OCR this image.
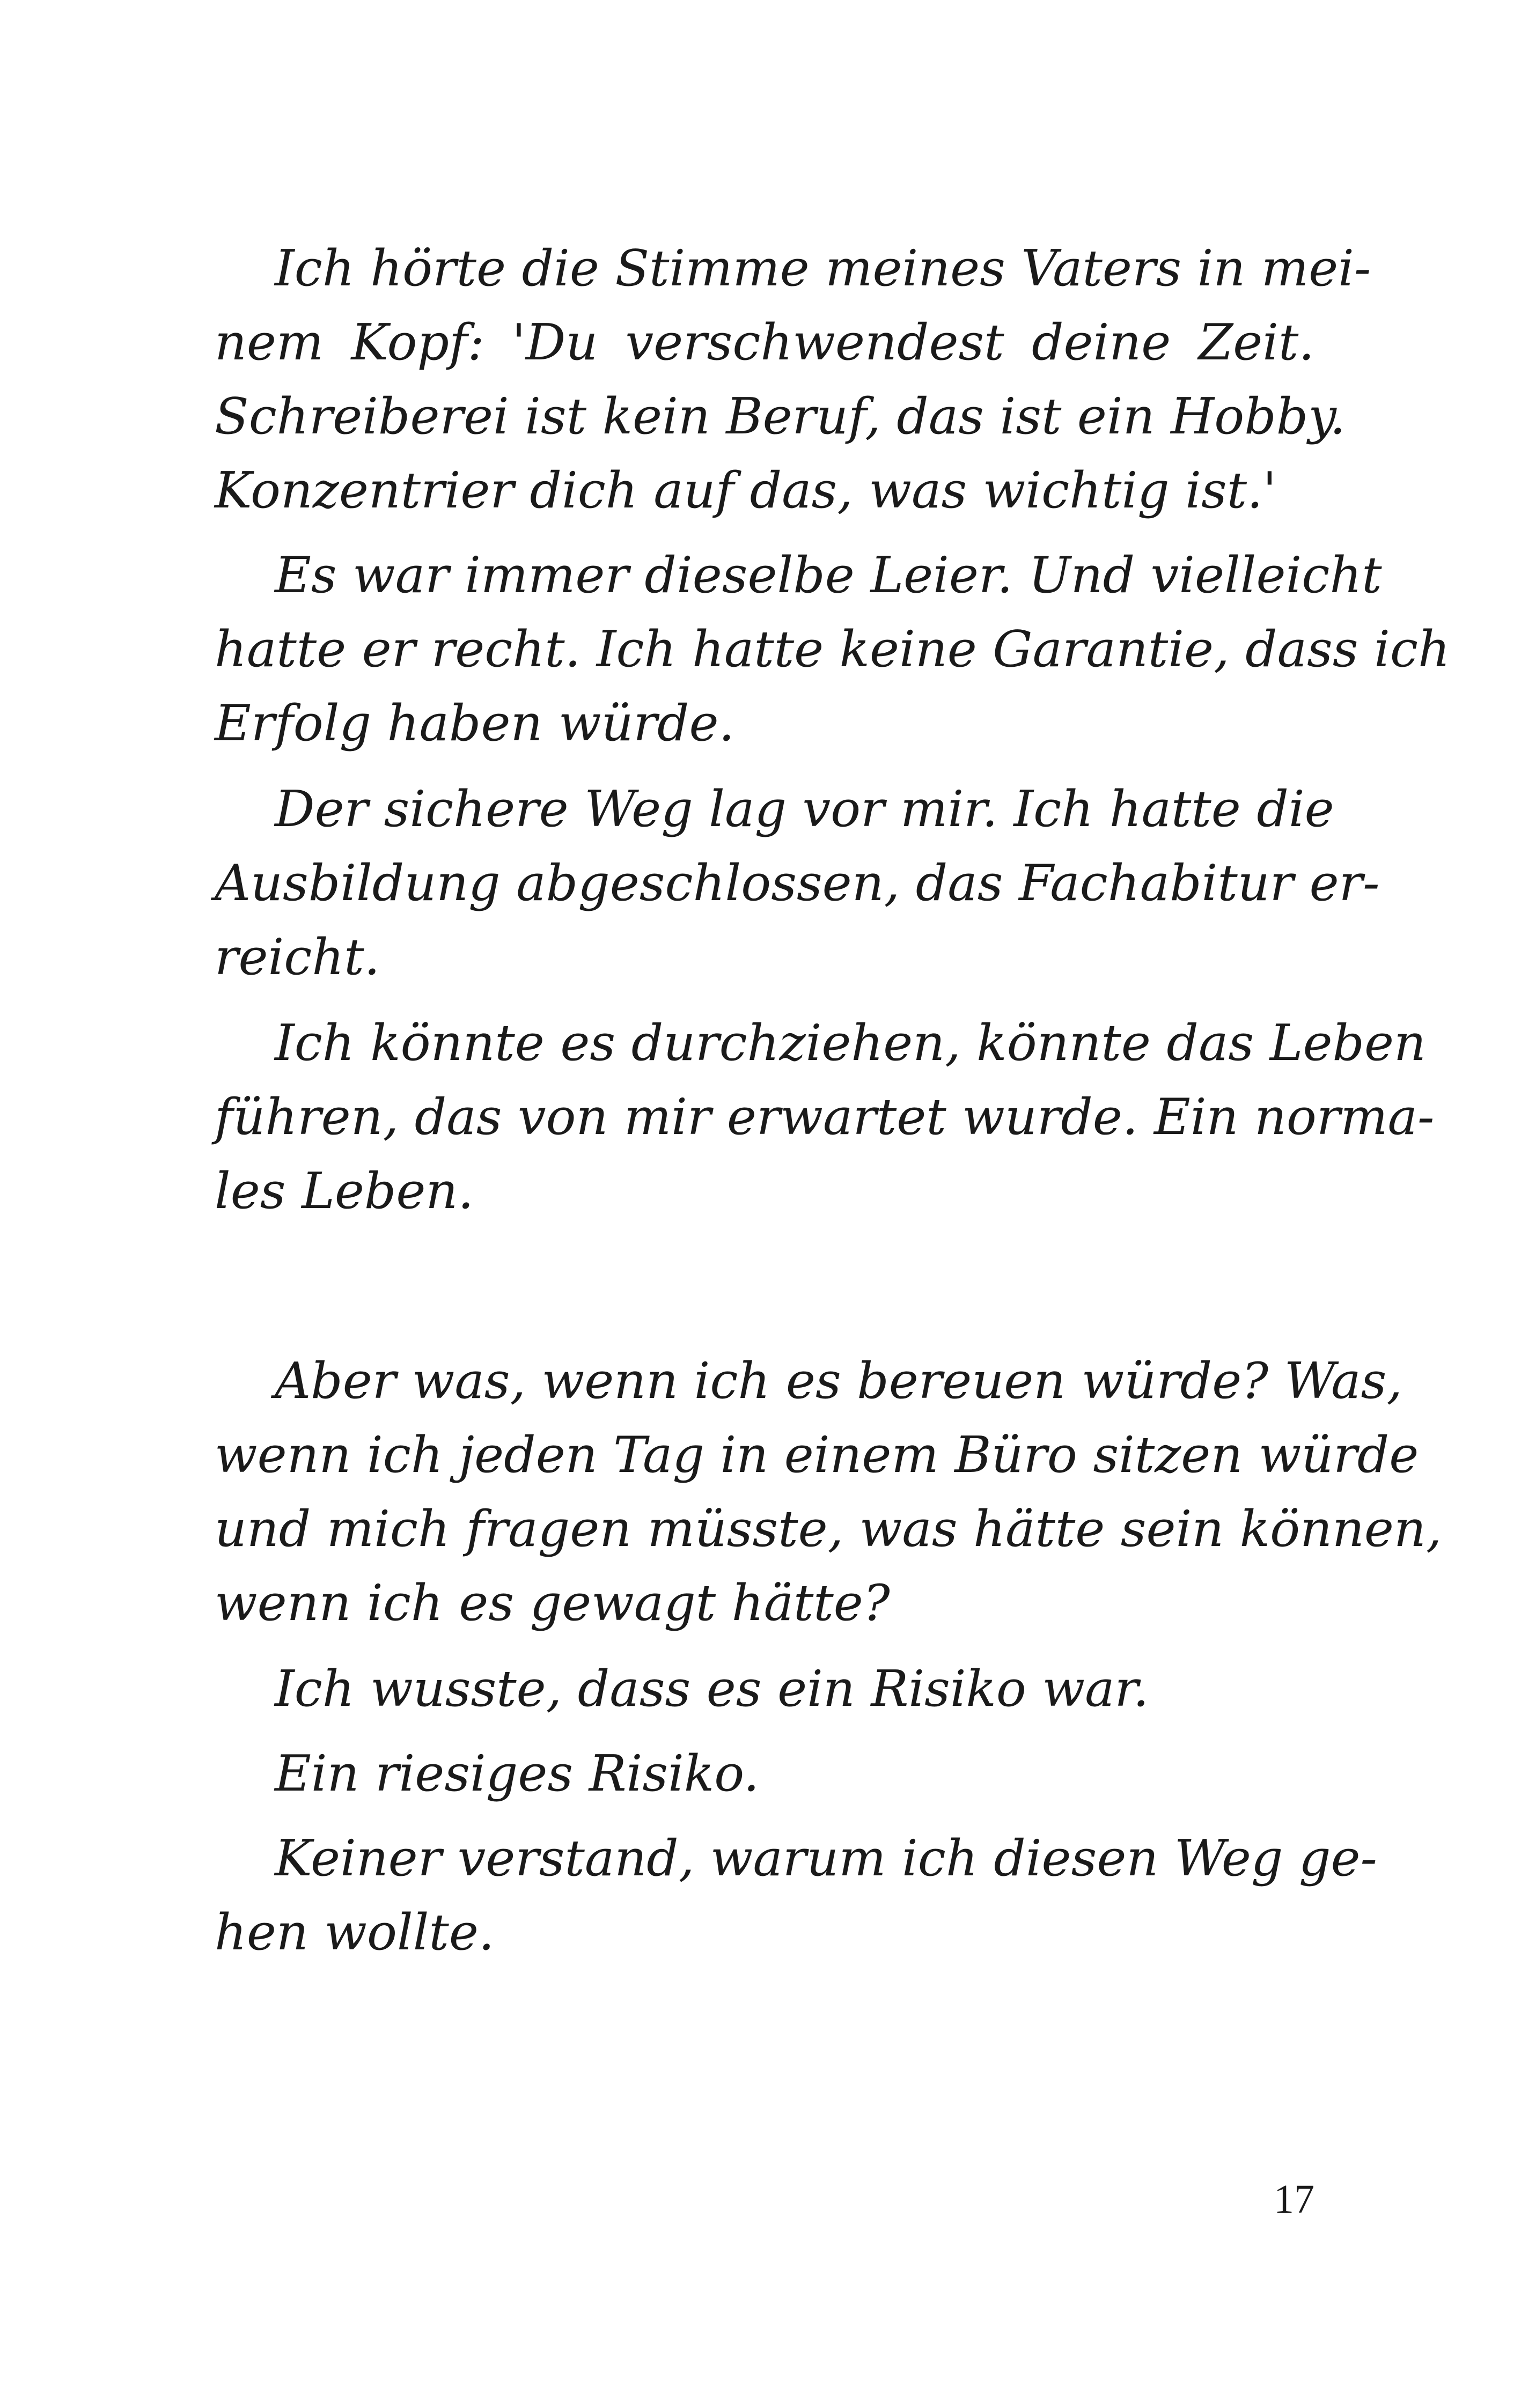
Ich hörte die Stimme meines Vaters in mei-
nem Kopf: 'Du verschwendest deine Zeit.
Schreiberei ist kein Beruf, das ist ein Hobby.
Konzentrier dich auf das, was wichtig ist.'
Es war immer dieselbe Leier. Und vielleicht
hatte er recht. Ich hatte keine Garantie, dass ich
Erfolg haben würde.
Der sichere Weg lag vor mir. Ich hatte die
Ausbildung abgeschlossen, das Fachabitur er-
reicht.
Ich könnte es durchziehen, könnte das Leben
führen, das von mir erwartet wurde. Ein norma-
les Leben.
Aber was, wenn ich es bereuen würde? Was,
wenn ich jeden Tag in einem Büro sitzen würde
und mich fragen müsste, was hätte sein können,
wenn ich es gewagt hätte?
Ich wusste, dass es ein Risiko war.
Ein riesiges Risiko.
Keiner verstand, warum ich diesen Weg ge-
hen wollte.
17
